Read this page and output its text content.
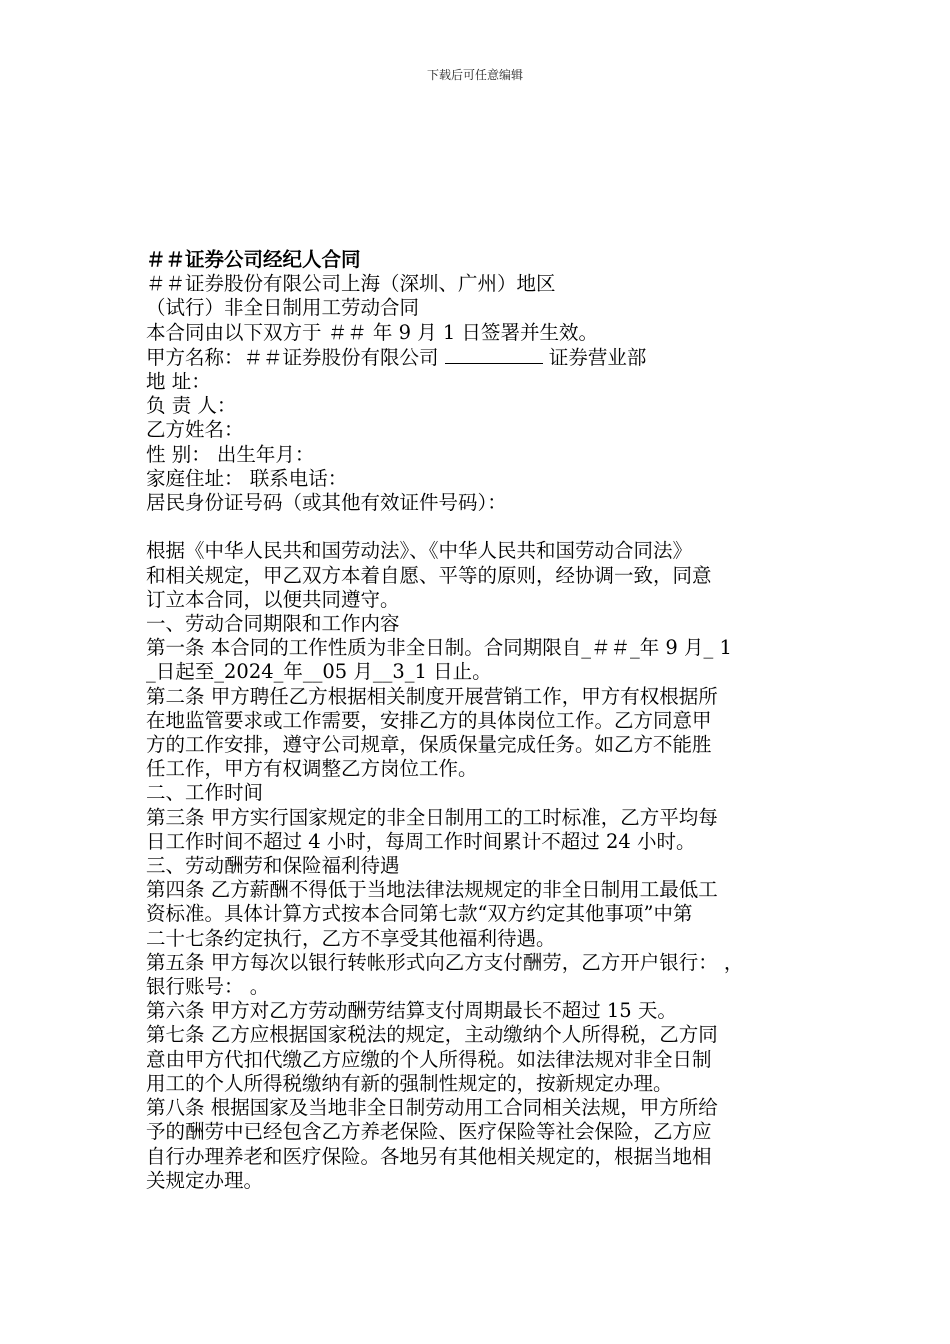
下载后可任意编辑
＃＃证券公司经纪人合同
＃＃证券股份有限公司上海（深圳、广州）地区
（试行）非全日制用工劳动合同
本合同由以下双方于 ＃＃ 年 9 月 1 日签署并生效。
甲方名称：＃＃证券股份有限公司	证券营业部
地 址：
负 责 人：
乙方姓名：
性 别： 出生年月：
家庭住址： 联系电话：
居民身份证号码（或其他有效证件号码）：
根据《中华人民共和国劳动法》、《中华人民共和国劳动合同法》
和相关规定，甲乙双方本着自愿、平等的原则，经协调一致，同意
订立本合同，以便共同遵守。
一、劳动合同期限和工作内容
第一条 本合同的工作性质为非全日制。合同期限自_＃＃_年 9 月_ 1
_日起至_2024_年__05 月__3_1 日止。
第二条 甲方聘任乙方根据相关制度开展营销工作，甲方有权根据所
在地监管要求或工作需要，安排乙方的具体岗位工作。乙方同意甲
方的工作安排，遵守公司规章，保质保量完成任务。如乙方不能胜
任工作，甲方有权调整乙方岗位工作。
二、工作时间
第三条 甲方实行国家规定的非全日制用工的工时标准，乙方平均每
日工作时间不超过 4 小时，每周工作时间累计不超过 24 小时。
三、劳动酬劳和保险福利待遇
第四条 乙方薪酬不得低于当地法律法规规定的非全日制用工最低工
资标准。具体计算方式按本合同第七款“双方约定其他事项”中第
二十七条约定执行，乙方不享受其他福利待遇。
第五条 甲方每次以银行转帐形式向乙方支付酬劳，乙方开户银行： ，
银行账号： 。
第六条 甲方对乙方劳动酬劳结算支付周期最长不超过 15 天。
第七条 乙方应根据国家税法的规定，主动缴纳个人所得税，乙方同
意由甲方代扣代缴乙方应缴的个人所得税。如法律法规对非全日制
用工的个人所得税缴纳有新的强制性规定的，按新规定办理。
第八条 根据国家及当地非全日制劳动用工合同相关法规，甲方所给
予的酬劳中已经包含乙方养老保险、医疗保险等社会保险，乙方应
自行办理养老和医疗保险。各地另有其他相关规定的，根据当地相
关规定办理。
